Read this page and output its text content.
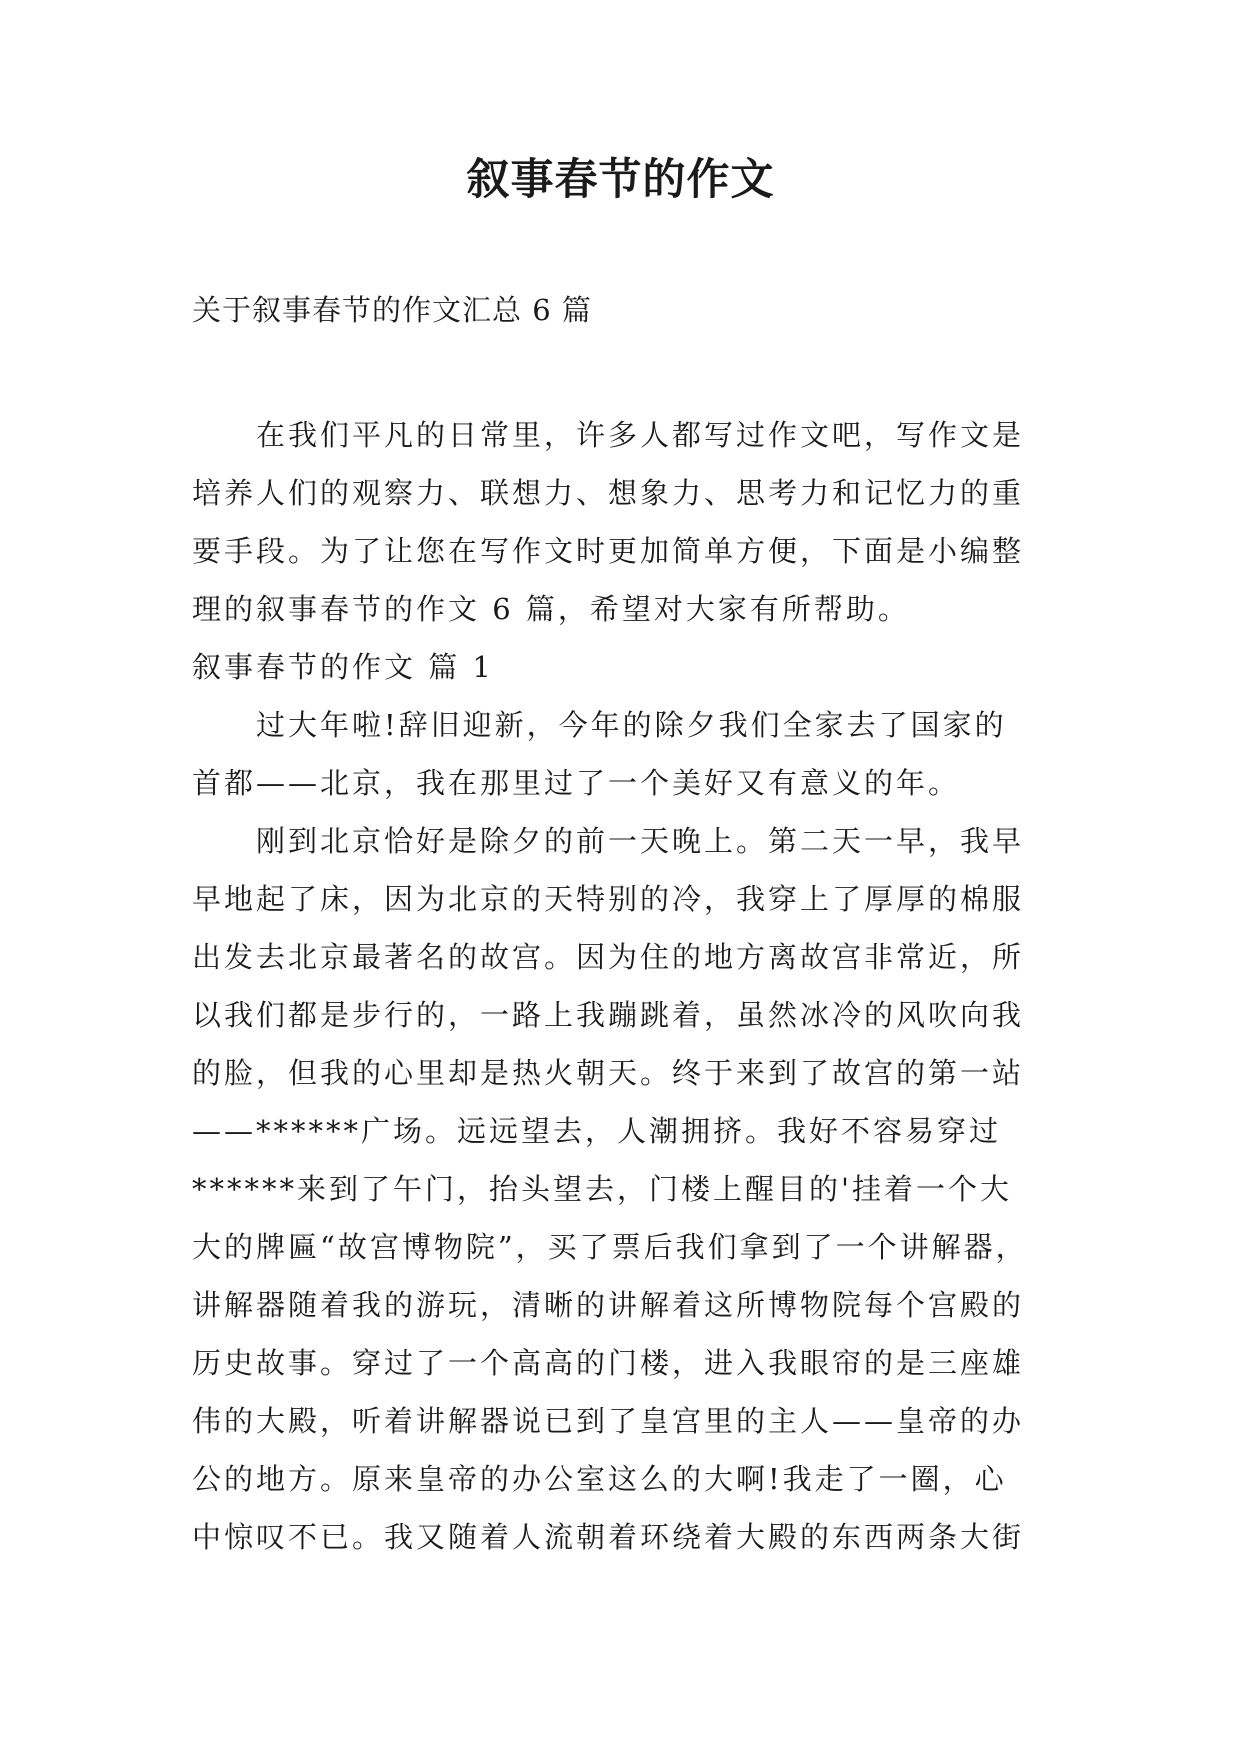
叙事春节的作文
关于叙事春节的作文汇总 6 篇
在我们平凡的日常里，许多人都写过作文吧，写作文是
培养人们的观察力、联想力、想象力、思考力和记忆力的重
要手段。为了让您在写作文时更加简单方便，下面是小编整
理的叙事春节的作文 6 篇，希望对大家有所帮助。
叙事春节的作文 篇 1
过大年啦!辞旧迎新，今年的除夕我们全家去了国家的
首都——北京，我在那里过了一个美好又有意义的年。
刚到北京恰好是除夕的前一天晚上。第二天一早，我早
早地起了床，因为北京的天特别的冷，我穿上了厚厚的棉服
出发去北京最著名的故宫。因为住的地方离故宫非常近，所
以我们都是步行的，一路上我蹦跳着，虽然冰冷的风吹向我
的脸，但我的心里却是热火朝天。终于来到了故宫的第一站
——******广场。远远望去，人潮拥挤。我好不容易穿过
******来到了午门，抬头望去，门楼上醒目的'挂着一个大
大的牌匾“故宫博物院”，买了票后我们拿到了一个讲解器，
讲解器随着我的游玩，清晰的讲解着这所博物院每个宫殿的
历史故事。穿过了一个高高的门楼，进入我眼帘的是三座雄
伟的大殿，听着讲解器说已到了皇宫里的主人——皇帝的办
公的地方。原来皇帝的办公室这么的大啊!我走了一圈，心
中惊叹不已。我又随着人流朝着环绕着大殿的东西两条大街
